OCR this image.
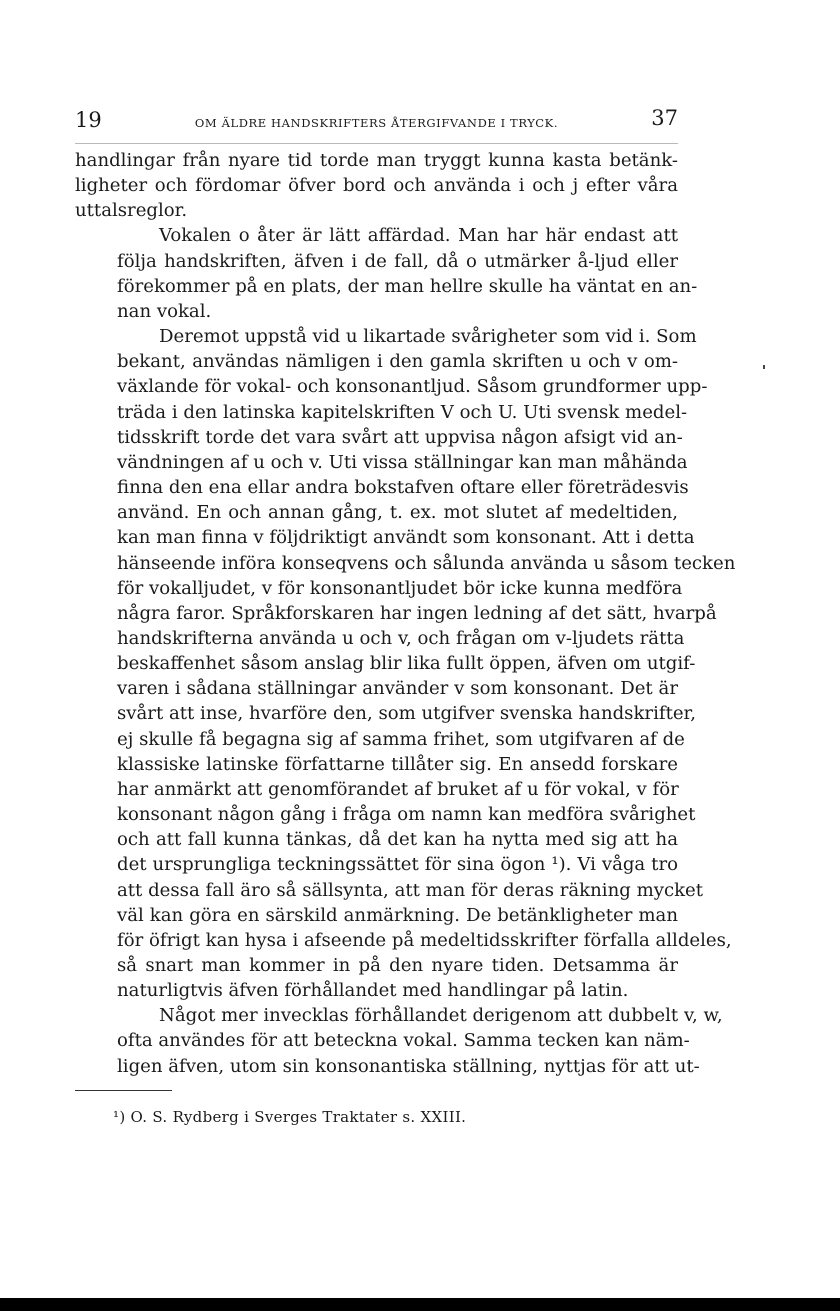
19	OM ÄLDRE HANDSKRIFTERS ÅTERGIFVANDE I TRYCK.	37

handlingar från nyare tid torde man tryggt kunna kasta betänk-
ligheter och fördomar öfver bord och använda i och j efter våra
uttalsreglor.

Vokalen o åter är lätt affärdad. Man har här endast att
följa handskriften, äfven i de fall, då o utmärker å-ljud eller
förekommer på en plats, der man hellre skulle ha väntat en an-
nan vokal.

Deremot uppstå vid u likartade svårigheter som vid i. Som
bekant, användas nämligen i den gamla skriften u och v om-
växlande för vokal- och konsonantljud. Såsom grundformer upp-
träda i den latinska kapitelskriften V och U. Uti svensk medel-
tidsskrift torde det vara svårt att uppvisa någon afsigt vid an-
vändningen af u och v. Uti vissa ställningar kan man måhända
finna den ena ellar andra bokstafven oftare eller företrädesvis
använd. En och annan gång, t. ex. mot slutet af medeltiden,
kan man finna v följdriktigt användt som konsonant. Att i detta
hänseende införa konseqvens och sålunda använda u såsom tecken
för vokalljudet, v för konsonantljudet bör icke kunna medföra
några faror. Språkforskaren har ingen ledning af det sätt, hvarpå
handskrifterna använda u och v, och frågan om v-ljudets rätta
beskaffenhet såsom anslag blir lika fullt öppen, äfven om utgif-
varen i sådana ställningar använder v som konsonant. Det är
svårt att inse, hvarföre den, som utgifver svenska handskrifter,
ej skulle få begagna sig af samma frihet, som utgifvaren af de
klassiske latinske författarne tillåter sig. En ansedd forskare
har anmärkt att genomförandet af bruket af u för vokal, v för
konsonant någon gång i fråga om namn kan medföra svårighet
och att fall kunna tänkas, då det kan ha nytta med sig att ha
det ursprungliga teckningssättet för sina ögon ¹). Vi våga tro
att dessa fall äro så sällsynta, att man för deras räkning mycket
väl kan göra en särskild anmärkning. De betänkligheter man
för öfrigt kan hysa i afseende på medeltidsskrifter förfalla alldeles,
så snart man kommer in på den nyare tiden. Detsamma är
naturligtvis äfven förhållandet med handlingar på latin.

Något mer invecklas förhållandet derigenom att dubbelt v, w,
ofta användes för att beteckna vokal. Samma tecken kan näm-
ligen äfven, utom sin konsonantiska ställning, nyttjas för att ut-

¹) O. S. Rydberg i Sverges Traktater s. XXIII.
